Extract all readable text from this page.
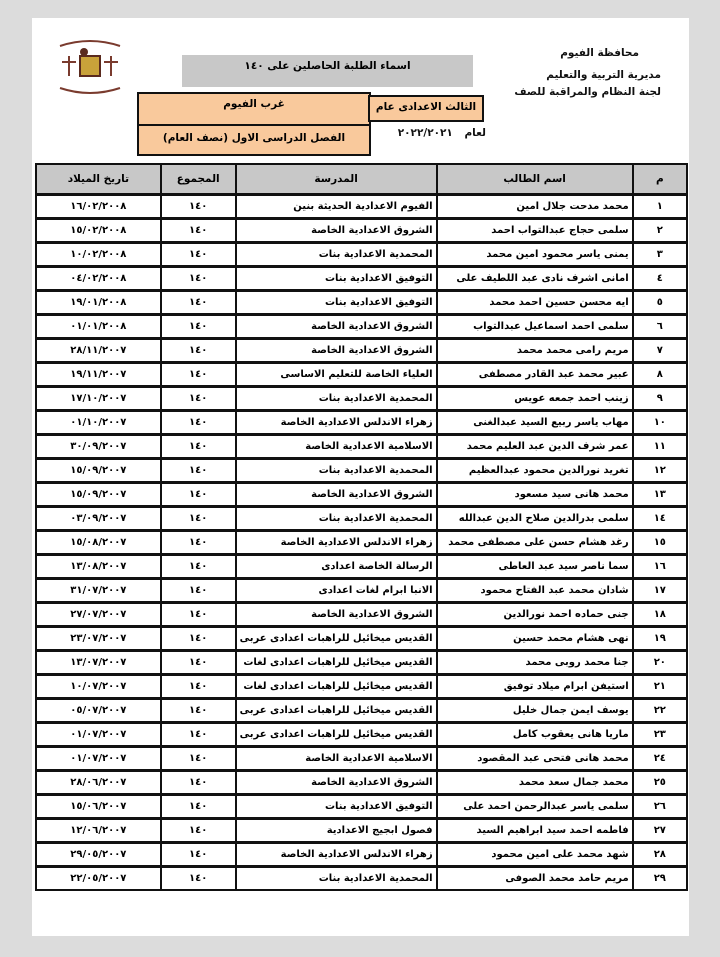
محافظة الفيوم
مديرية التربية والتعليم
لجنة النظام والمراقبة للصف
اسماء الطلبة الحاصلين على ١٤٠
غرب الفيوم
الفصل الدراسى الاول (نصف العام)
الثالث الاعدادى عام
لعام ٢٠٢٢/٢٠٢١
م	اسم الطالب	المدرسة	المجموع	تاريخ الميلاد
١	محمد مدحت جلال امين	الفيوم الاعدادية الحديثة بنين	١٤٠	١٦/٠٢/٢٠٠٨
٢	سلمى حجاج عبدالتواب احمد	الشروق الاعدادية الخاصة	١٤٠	١٥/٠٢/٢٠٠٨
٣	يمنى ياسر محمود امين محمد	المحمدية الاعدادية بنات	١٤٠	١٠/٠٢/٢٠٠٨
٤	امانى اشرف نادى عبد اللطيف على	التوفيق الاعدادية بنات	١٤٠	٠٤/٠٢/٢٠٠٨
٥	ايه محسن حسين احمد محمد	التوفيق الاعدادية بنات	١٤٠	١٩/٠١/٢٠٠٨
٦	سلمى احمد اسماعيل عبدالتواب	الشروق الاعدادية الخاصة	١٤٠	٠١/٠١/٢٠٠٨
٧	مريم رامى محمد محمد	الشروق الاعدادية الخاصة	١٤٠	٢٨/١١/٢٠٠٧
٨	عبير محمد عبد القادر مصطفى	العلياء الخاصة للتعليم الاساسى	١٤٠	١٩/١١/٢٠٠٧
٩	زينب احمد جمعه عويس	المحمدية الاعدادية بنات	١٤٠	١٧/١٠/٢٠٠٧
١٠	مهاب ياسر ربيع السيد عبدالغنى	زهراء الاندلس الاعدادية الخاصة	١٤٠	٠١/١٠/٢٠٠٧
١١	عمر شرف الدين عبد العليم محمد	الاسلامية الاعدادية الخاصة	١٤٠	٣٠/٠٩/٢٠٠٧
١٢	تغريد نورالدين محمود عبدالعظيم	المحمدية الاعدادية بنات	١٤٠	١٥/٠٩/٢٠٠٧
١٣	محمد هانى سيد مسعود	الشروق الاعدادية الخاصة	١٤٠	١٥/٠٩/٢٠٠٧
١٤	سلمى بدرالدين صلاح الدين عبدالله	المحمدية الاعدادية بنات	١٤٠	٠٣/٠٩/٢٠٠٧
١٥	رغد هشام حسن على مصطفى محمد	زهراء الاندلس الاعدادية الخاصة	١٤٠	١٥/٠٨/٢٠٠٧
١٦	سما ناصر سيد عبد العاطى	الرسالة الخاصة اعدادى	١٤٠	١٣/٠٨/٢٠٠٧
١٧	شادان محمد عبد الفتاح محمود	الانبا ابرام لغات اعدادى	١٤٠	٣١/٠٧/٢٠٠٧
١٨	جنى حماده احمد نورالدين	الشروق الاعدادية الخاصة	١٤٠	٢٧/٠٧/٢٠٠٧
١٩	نهى هشام محمد حسين	القديس ميخائيل للراهبات اعدادى عربى	١٤٠	٢٣/٠٧/٢٠٠٧
٢٠	جنا محمد روبى محمد	القديس ميخائيل للراهبات اعدادى لغات	١٤٠	١٣/٠٧/٢٠٠٧
٢١	استيفن ابرام ميلاد توفيق	القديس ميخائيل للراهبات اعدادى لغات	١٤٠	١٠/٠٧/٢٠٠٧
٢٢	يوسف ايمن جمال خليل	القديس ميخائيل للراهبات اعدادى عربى	١٤٠	٠٥/٠٧/٢٠٠٧
٢٣	ماريا هانى يعقوب كامل	القديس ميخائيل للراهبات اعدادى عربى	١٤٠	٠١/٠٧/٢٠٠٧
٢٤	محمد هانى فتحى عبد المقصود	الاسلامية الاعدادية الخاصة	١٤٠	٠١/٠٧/٢٠٠٧
٢٥	محمد جمال سعد محمد	الشروق الاعدادية الخاصة	١٤٠	٢٨/٠٦/٢٠٠٧
٢٦	سلمى ياسر عبدالرحمن احمد على	التوفيق الاعدادية بنات	١٤٠	١٥/٠٦/٢٠٠٧
٢٧	فاطمه احمد سيد ابراهيم السيد	فصول ابجيج الاعدادية	١٤٠	١٢/٠٦/٢٠٠٧
٢٨	شهد محمد على امين محمود	زهراء الاندلس الاعدادية الخاصة	١٤٠	٢٩/٠٥/٢٠٠٧
٢٩	مريم حامد محمد الصوفى	المحمدية الاعدادية بنات	١٤٠	٢٢/٠٥/٢٠٠٧
